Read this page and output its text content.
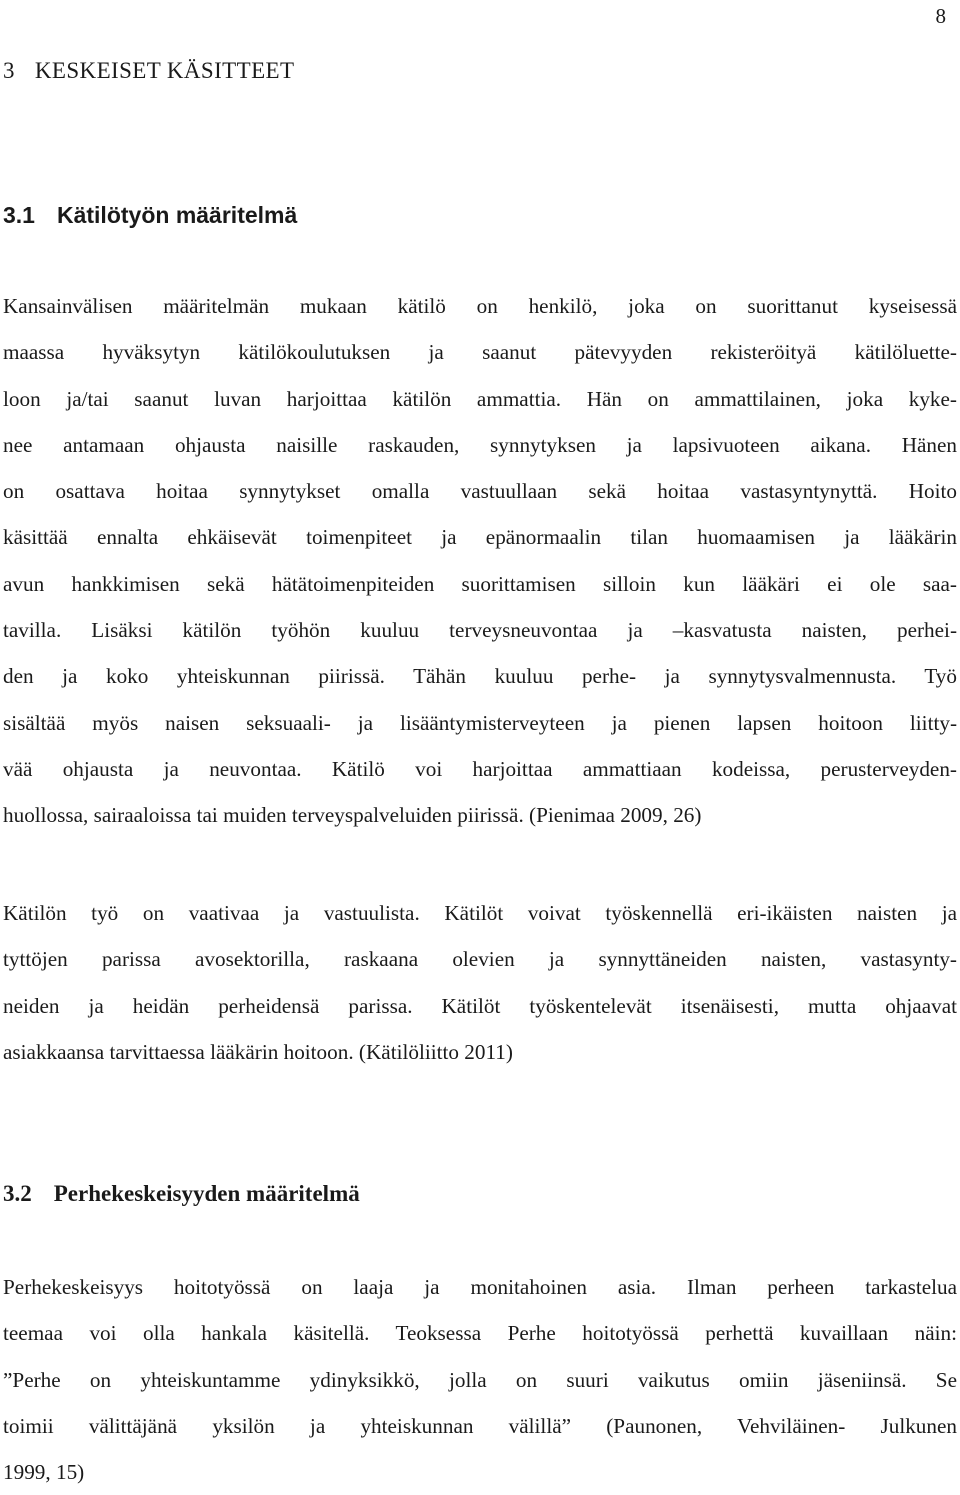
8
3 KESKEISET KÄSITTEET
3.1 Kätilötyön määritelmä
Kansainvälisen määritelmän mukaan kätilö on henkilö, joka on suorittanut kyseisessä
maassa hyväksytyn kätilökoulutuksen ja saanut pätevyyden rekisteröityä kätilöluette-
loon ja/tai saanut luvan harjoittaa kätilön ammattia. Hän on ammattilainen, joka kyke-
nee antamaan ohjausta naisille raskauden, synnytyksen ja lapsivuoteen aikana. Hänen
on osattava hoitaa synnytykset omalla vastuullaan sekä hoitaa vastasyntynyttä. Hoito
käsittää ennalta ehkäisevät toimenpiteet ja epänormaalin tilan huomaamisen ja lääkärin
avun hankkimisen sekä hätätoimenpiteiden suorittamisen silloin kun lääkäri ei ole saa-
tavilla. Lisäksi kätilön työhön kuuluu terveysneuvontaa ja –kasvatusta naisten, perhei-
den ja koko yhteiskunnan piirissä. Tähän kuuluu perhe- ja synnytysvalmennusta. Työ
sisältää myös naisen seksuaali- ja lisääntymisterveyteen ja pienen lapsen hoitoon liitty-
vää ohjausta ja neuvontaa. Kätilö voi harjoittaa ammattiaan kodeissa, perusterveyden-
huollossa, sairaaloissa tai muiden terveyspalveluiden piirissä. (Pienimaa 2009, 26)
Kätilön työ on vaativaa ja vastuulista. Kätilöt voivat työskennellä eri-ikäisten naisten ja
tyttöjen parissa avosektorilla, raskaana olevien ja synnyttäneiden naisten, vastasynty-
neiden ja heidän perheidensä parissa. Kätilöt työskentelevät itsenäisesti, mutta ohjaavat
asiakkaansa tarvittaessa lääkärin hoitoon. (Kätilöliitto 2011)
3.2 Perhekeskeisyyden määritelmä
Perhekeskeisyys hoitotyössä on laaja ja monitahoinen asia. Ilman perheen tarkastelua
teemaa voi olla hankala käsitellä. Teoksessa Perhe hoitotyössä perhettä kuvaillaan näin:
”Perhe on yhteiskuntamme ydinyksikkö, jolla on suuri vaikutus omiin jäseniinsä. Se
toimii välittäjänä yksilön ja yhteiskunnan välillä” (Paunonen, Vehviläinen- Julkunen
1999, 15)
